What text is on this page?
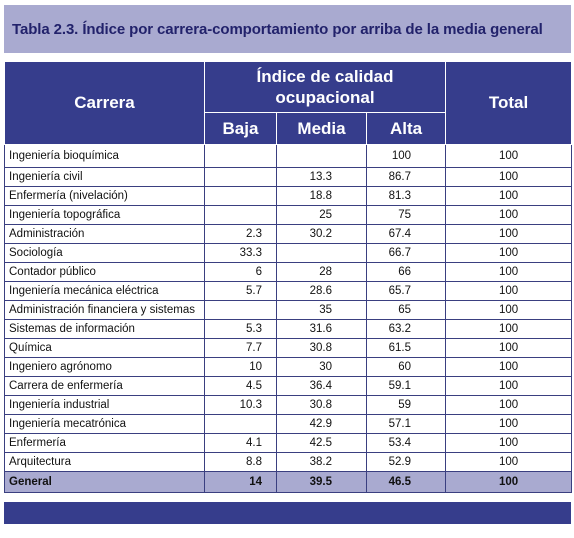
Tabla 2.3. Índice por carrera-comportamiento por arriba de la media general
Carrera	Índice de calidad ocupacional			Total
	Baja	Media	Alta	
Ingeniería bioquímica			100	100
Ingeniería civil		13.3	86.7	100
Enfermería (nivelación)		18.8	81.3	100
Ingeniería topográfica		25	75	100
Administración	2.3	30.2	67.4	100
Sociología	33.3		66.7	100
Contador público	6	28	66	100
Ingeniería mecánica eléctrica	5.7	28.6	65.7	100
Administración financiera y sistemas		35	65	100
Sistemas de información	5.3	31.6	63.2	100
Química	7.7	30.8	61.5	100
Ingeniero agrónomo	10	30	60	100
Carrera de enfermería	4.5	36.4	59.1	100
Ingeniería industrial	10.3	30.8	59	100
Ingeniería mecatrónica		42.9	57.1	100
Enfermería	4.1	42.5	53.4	100
Arquitectura	8.8	38.2	52.9	100
General	14	39.5	46.5	100
